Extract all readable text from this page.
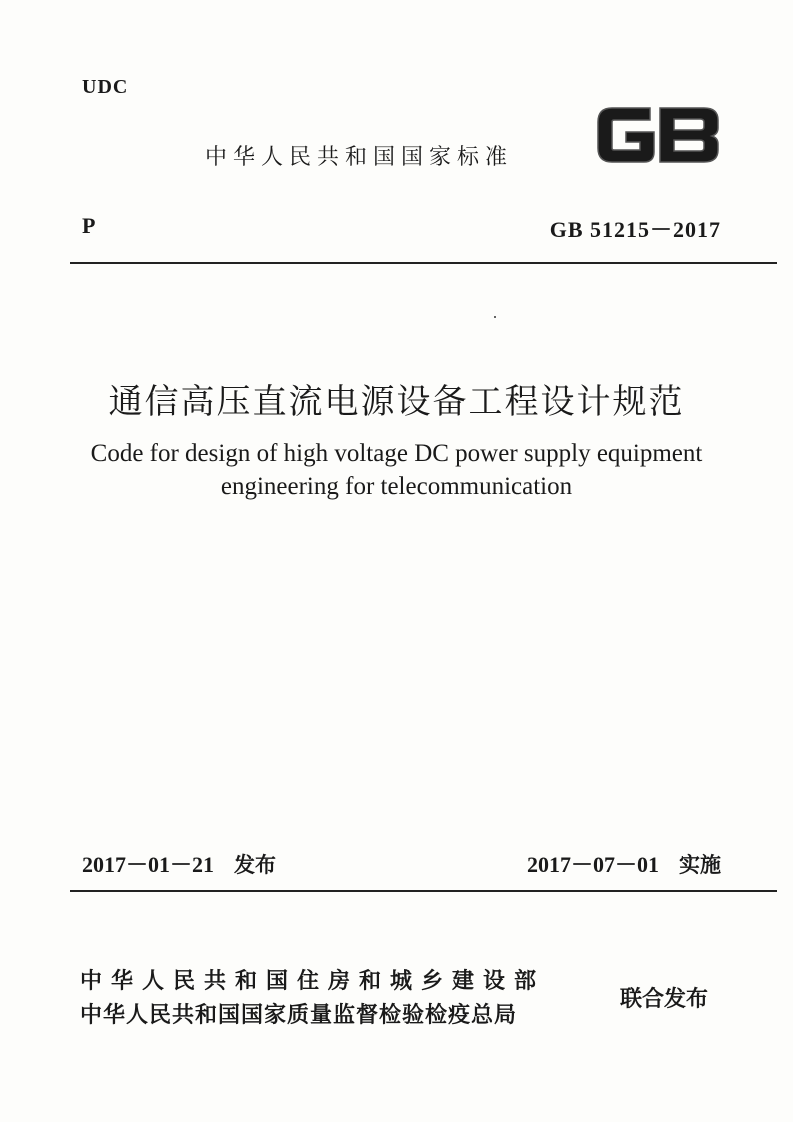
UDC
中华人民共和国国家标准
P	GB 51215－2017
通信高压直流电源设备工程设计规范
Code for design of high voltage DC power supply equipment
engineering for telecommunication
2017－01－21 发布	2017－07－01 实施
中华人民共和国住房和城乡建设部
中华人民共和国国家质量监督检验检疫总局
联合发布
